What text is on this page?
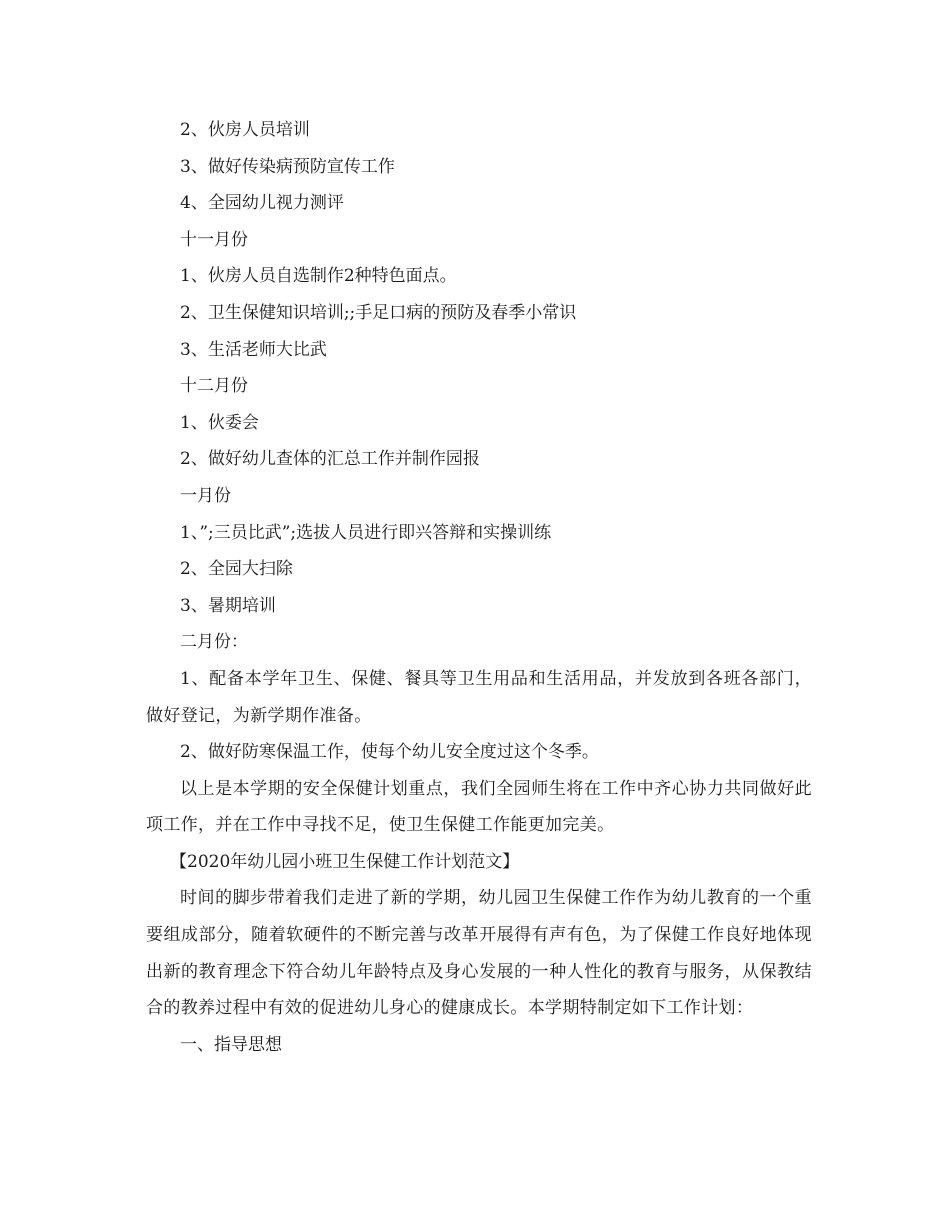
2、伙房人员培训

3、做好传染病预防宣传工作

4、全园幼儿视力测评

十一月份

1、伙房人员自选制作2种特色面点。

2、卫生保健知识培训;;手足口病的预防及春季小常识

3、生活老师大比武

十二月份

1、伙委会

2、做好幼儿查体的汇总工作并制作园报

一月份

1、”;三员比武”;选拔人员进行即兴答辩和实操训练

2、全园大扫除

3、暑期培训

二月份：

1、配备本学年卫生、保健、餐具等卫生用品和生活用品，并发放到各班各部门，做好登记，为新学期作准备。

2、做好防寒保温工作，使每个幼儿安全度过这个冬季。

以上是本学期的安全保健计划重点，我们全园师生将在工作中齐心协力共同做好此项工作，并在工作中寻找不足，使卫生保健工作能更加完美。

【2020年幼儿园小班卫生保健工作计划范文】

时间的脚步带着我们走进了新的学期，幼儿园卫生保健工作作为幼儿教育的一个重要组成部分，随着软硬件的不断完善与改革开展得有声有色，为了保健工作良好地体现出新的教育理念下符合幼儿年龄特点及身心发展的一种人性化的教育与服务，从保教结合的教养过程中有效的促进幼儿身心的健康成长。本学期特制定如下工作计划：

一、指导思想
